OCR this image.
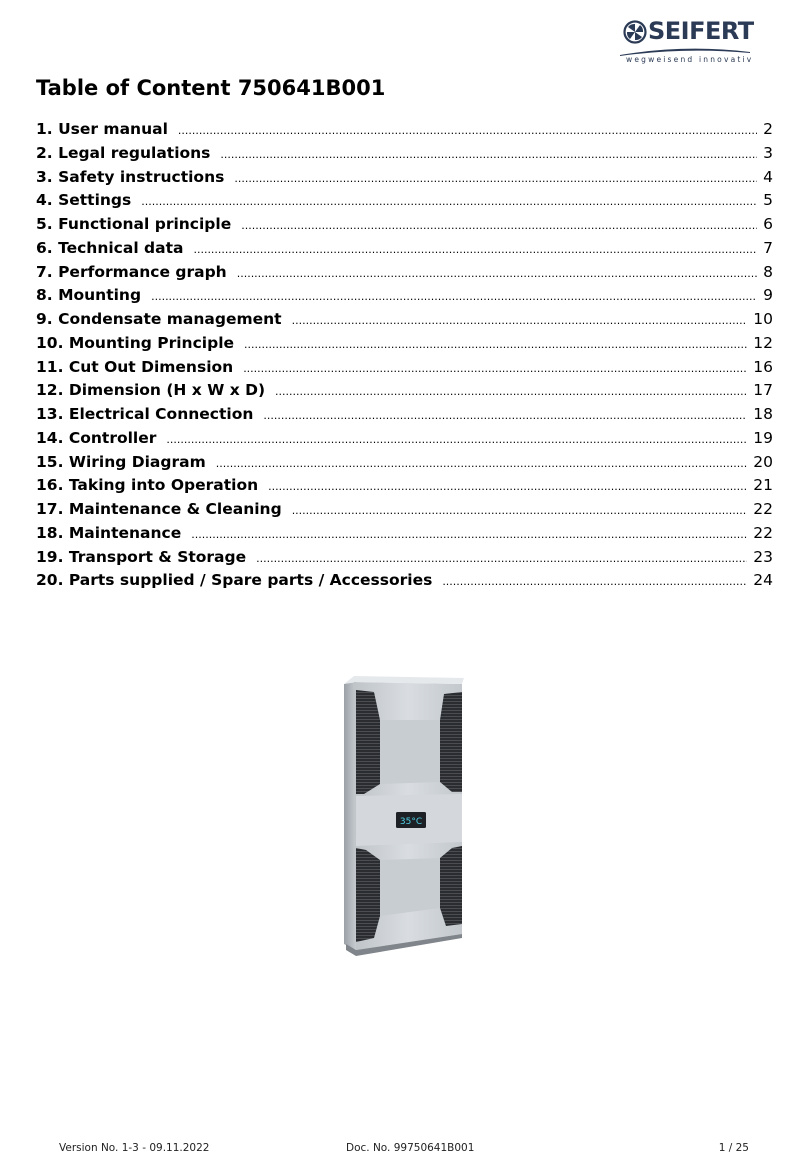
SEIFERT
wegweisend innovativ
Table of Content 750641B001
1. User manual .....	2
2. Legal regulations .....	3
3. Safety instructions .....	4
4. Settings .....	5
5. Functional principle .....	6
6. Technical data .....	7
7. Performance graph .....	8
8. Mounting .....	9
9. Condensate management .....	10
10. Mounting Principle .....	12
11. Cut Out Dimension .....	16
12. Dimension (H x W x D) .....	17
13. Electrical Connection .....	18
14. Controller .....	19
15. Wiring Diagram .....	20
16. Taking into Operation .....	21
17. Maintenance & Cleaning .....	22
18. Maintenance .....	22
19. Transport & Storage .....	23
20. Parts supplied / Spare parts / Accessories .....	24
35°C
Version No. 1-3 - 09.11.2022	Doc. No. 99750641B001	1 / 25
